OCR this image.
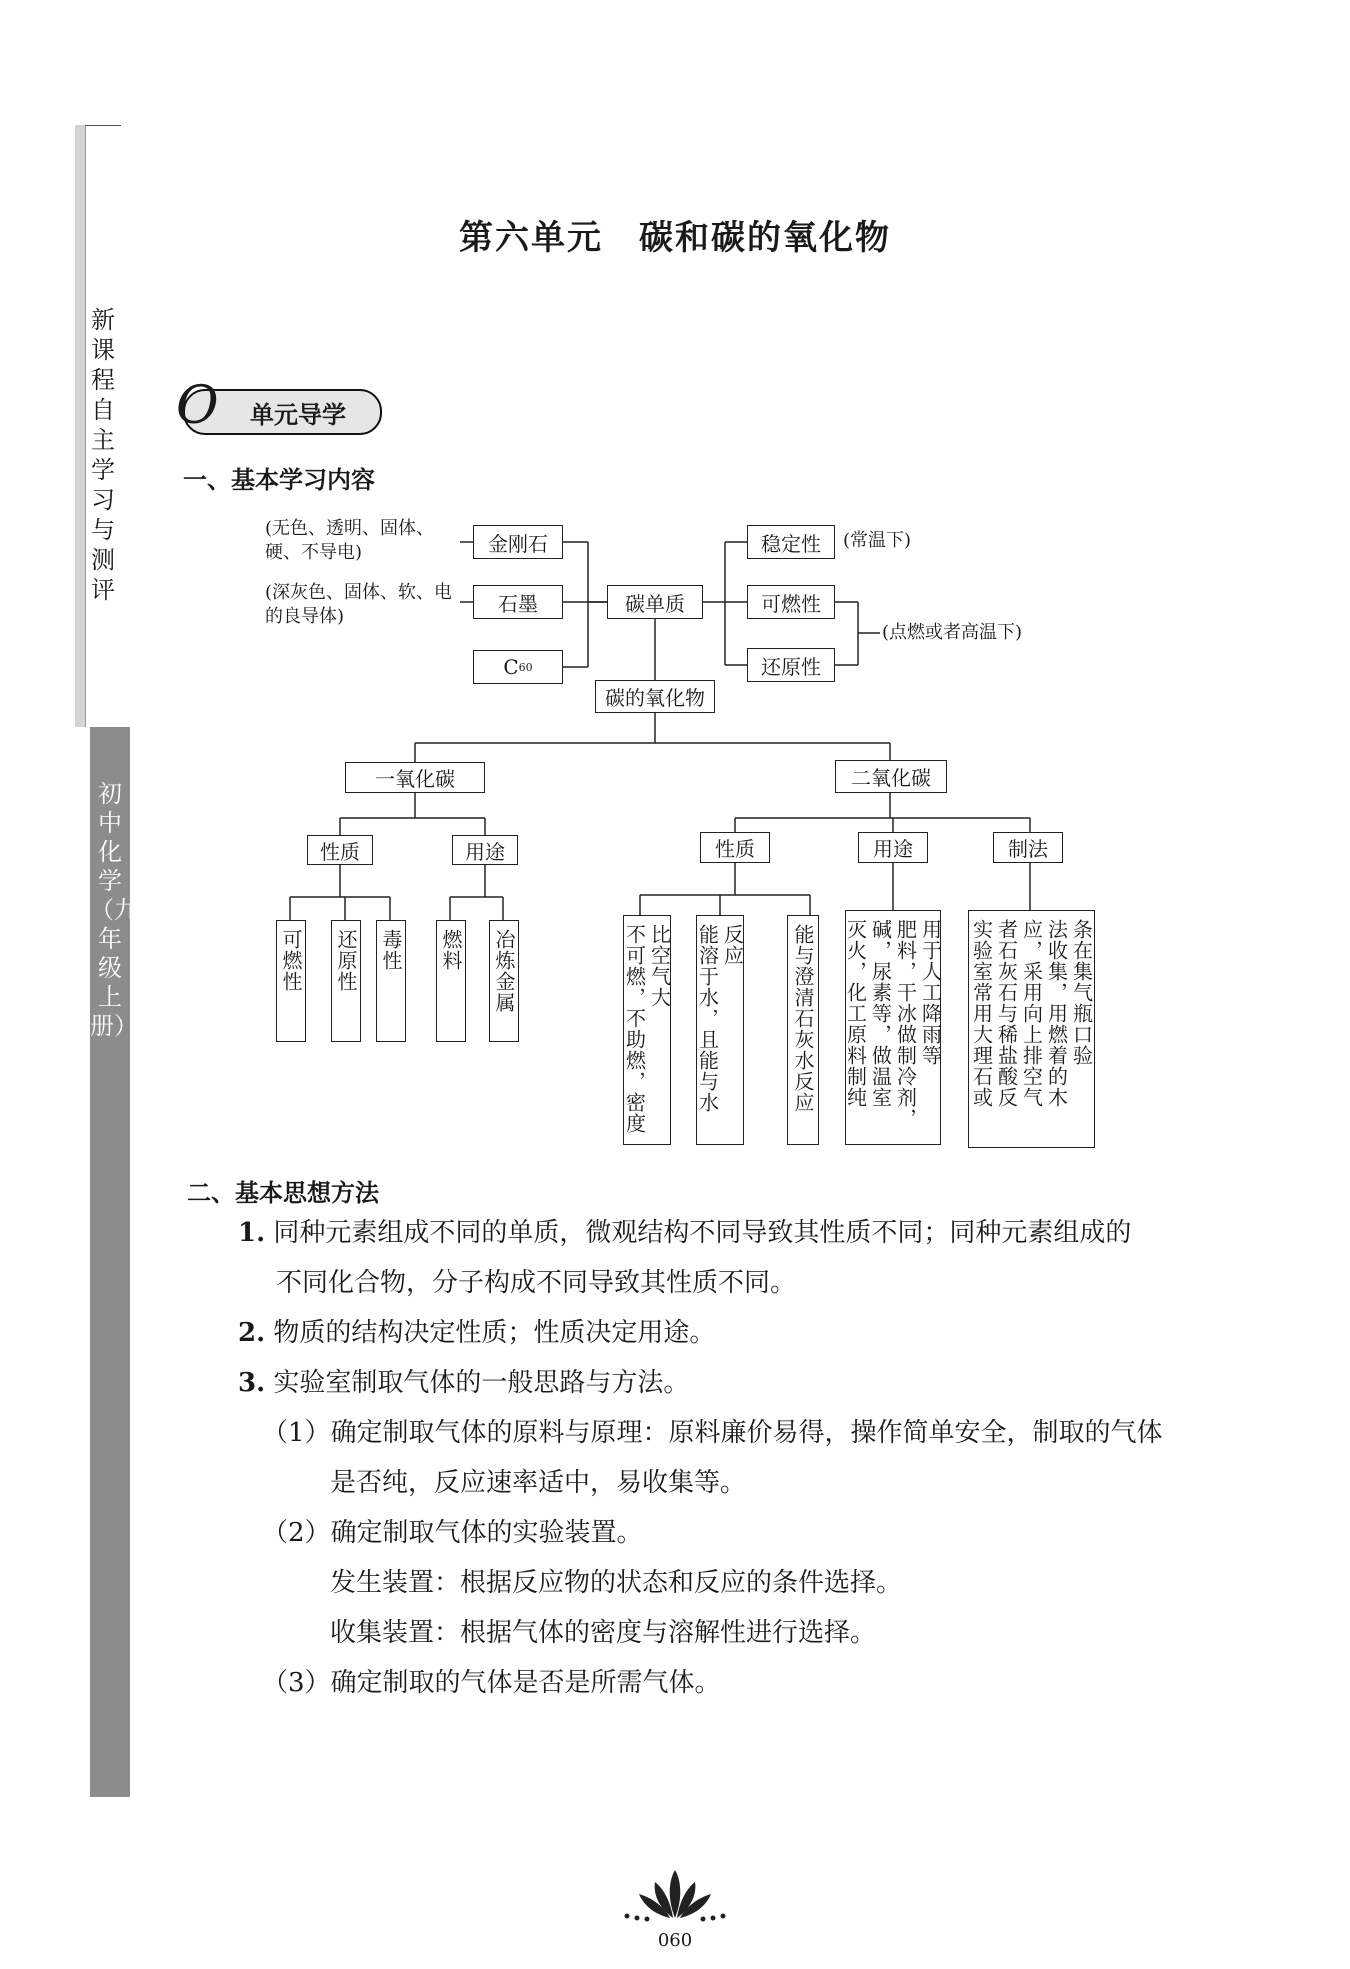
新课程自主学习与测评
初中化学（九年级上册）
第六单元　碳和碳的氧化物
O 单元导学
一、基本学习内容
(无色、透明、固体、硬、不导电)
(深灰色、固体、软、电的良导体)
金刚石
石墨
C 60
碳单质
稳定性	(常温下)
可燃性
还原性
(点燃或者高温下)
碳的氧化物
一氧化碳
性质	用途
可燃性 还原性 毒性 燃料 冶炼金属
二氧化碳
性质	用途	制法
比空气大
不可燃，不助燃，密度	反应
能溶于水，且能与水	能与澄清石灰水反应	用于人工降雨等
肥料，干冰做制冷剂，
碱，尿素等，做温室
灭火，化工原料制纯	条在集气瓶口验
法收集，用燃着的木
应，采用向上排空气
者石灰石与稀盐酸反
实验室常用大理石或
二、基本思想方法
1. 同种元素组成不同的单质，微观结构不同导致其性质不同；同种元素组成的
不同化合物，分子构成不同导致其性质不同。
2. 物质的结构决定性质；性质决定用途。
3. 实验室制取气体的一般思路与方法。
（1）确定制取气体的原料与原理：原料廉价易得，操作简单安全，制取的气体
是否纯，反应速率适中，易收集等。
（2）确定制取气体的实验装置。
发生装置：根据反应物的状态和反应的条件选择。
收集装置：根据气体的密度与溶解性进行选择。
（3）确定制取的气体是否是所需气体。
060
